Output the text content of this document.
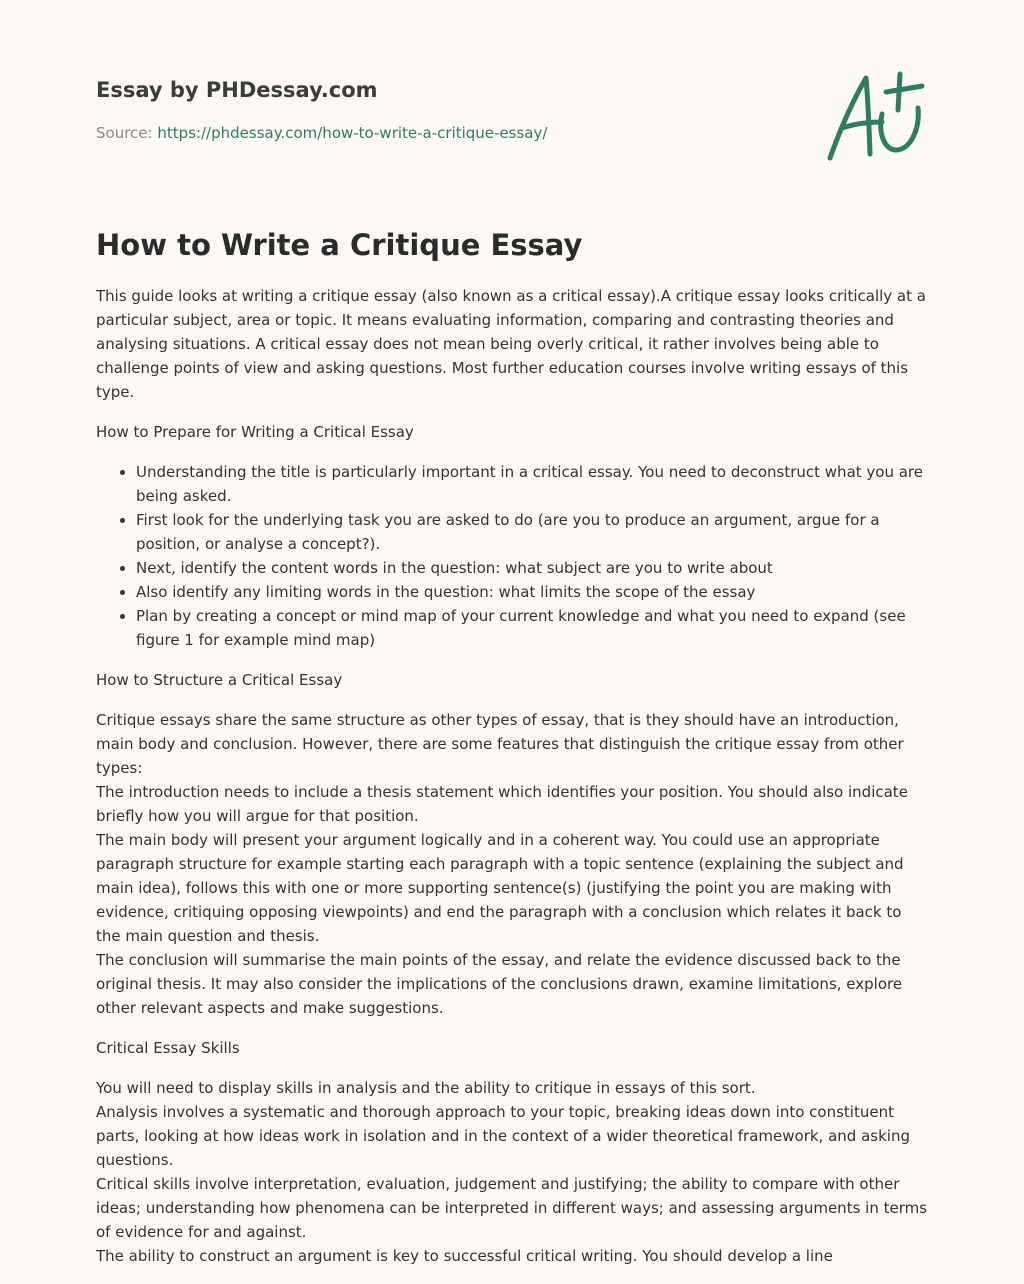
Essay by PHDessay.com
Source: https://phdessay.com/how-to-write-a-critique-essay/
How to Write a Critique Essay

This guide looks at writing a critique essay (also known as a critical essay).A critique essay looks critically at a particular subject, area or topic. It means evaluating information, comparing and contrasting theories and analysing situations. A critical essay does not mean being overly critical, it rather involves being able to challenge points of view and asking questions. Most further education courses involve writing essays of this type.

How to Prepare for Writing a Critical Essay

• Understanding the title is particularly important in a critical essay. You need to deconstruct what you are being asked.
• First look for the underlying task you are asked to do (are you to produce an argument, argue for a position, or analyse a concept?).
• Next, identify the content words in the question: what subject are you to write about
• Also identify any limiting words in the question: what limits the scope of the essay
• Plan by creating a concept or mind map of your current knowledge and what you need to expand (see figure 1 for example mind map)

How to Structure a Critical Essay

Critique essays share the same structure as other types of essay, that is they should have an introduction, main body and conclusion. However, there are some features that distinguish the critique essay from other types:
The introduction needs to include a thesis statement which identifies your position. You should also indicate briefly how you will argue for that position.
The main body will present your argument logically and in a coherent way. You could use an appropriate paragraph structure for example starting each paragraph with a topic sentence (explaining the subject and main idea), follows this with one or more supporting sentence(s) (justifying the point you are making with evidence, critiquing opposing viewpoints) and end the paragraph with a conclusion which relates it back to the main question and thesis.
The conclusion will summarise the main points of the essay, and relate the evidence discussed back to the original thesis. It may also consider the implications of the conclusions drawn, examine limitations, explore other relevant aspects and make suggestions.

Critical Essay Skills

You will need to display skills in analysis and the ability to critique in essays of this sort.
Analysis involves a systematic and thorough approach to your topic, breaking ideas down into constituent parts, looking at how ideas work in isolation and in the context of a wider theoretical framework, and asking questions.
Critical skills involve interpretation, evaluation, judgement and justifying; the ability to compare with other ideas; understanding how phenomena can be interpreted in different ways; and assessing arguments in terms of evidence for and against.
The ability to construct an argument is key to successful critical writing. You should develop a line
